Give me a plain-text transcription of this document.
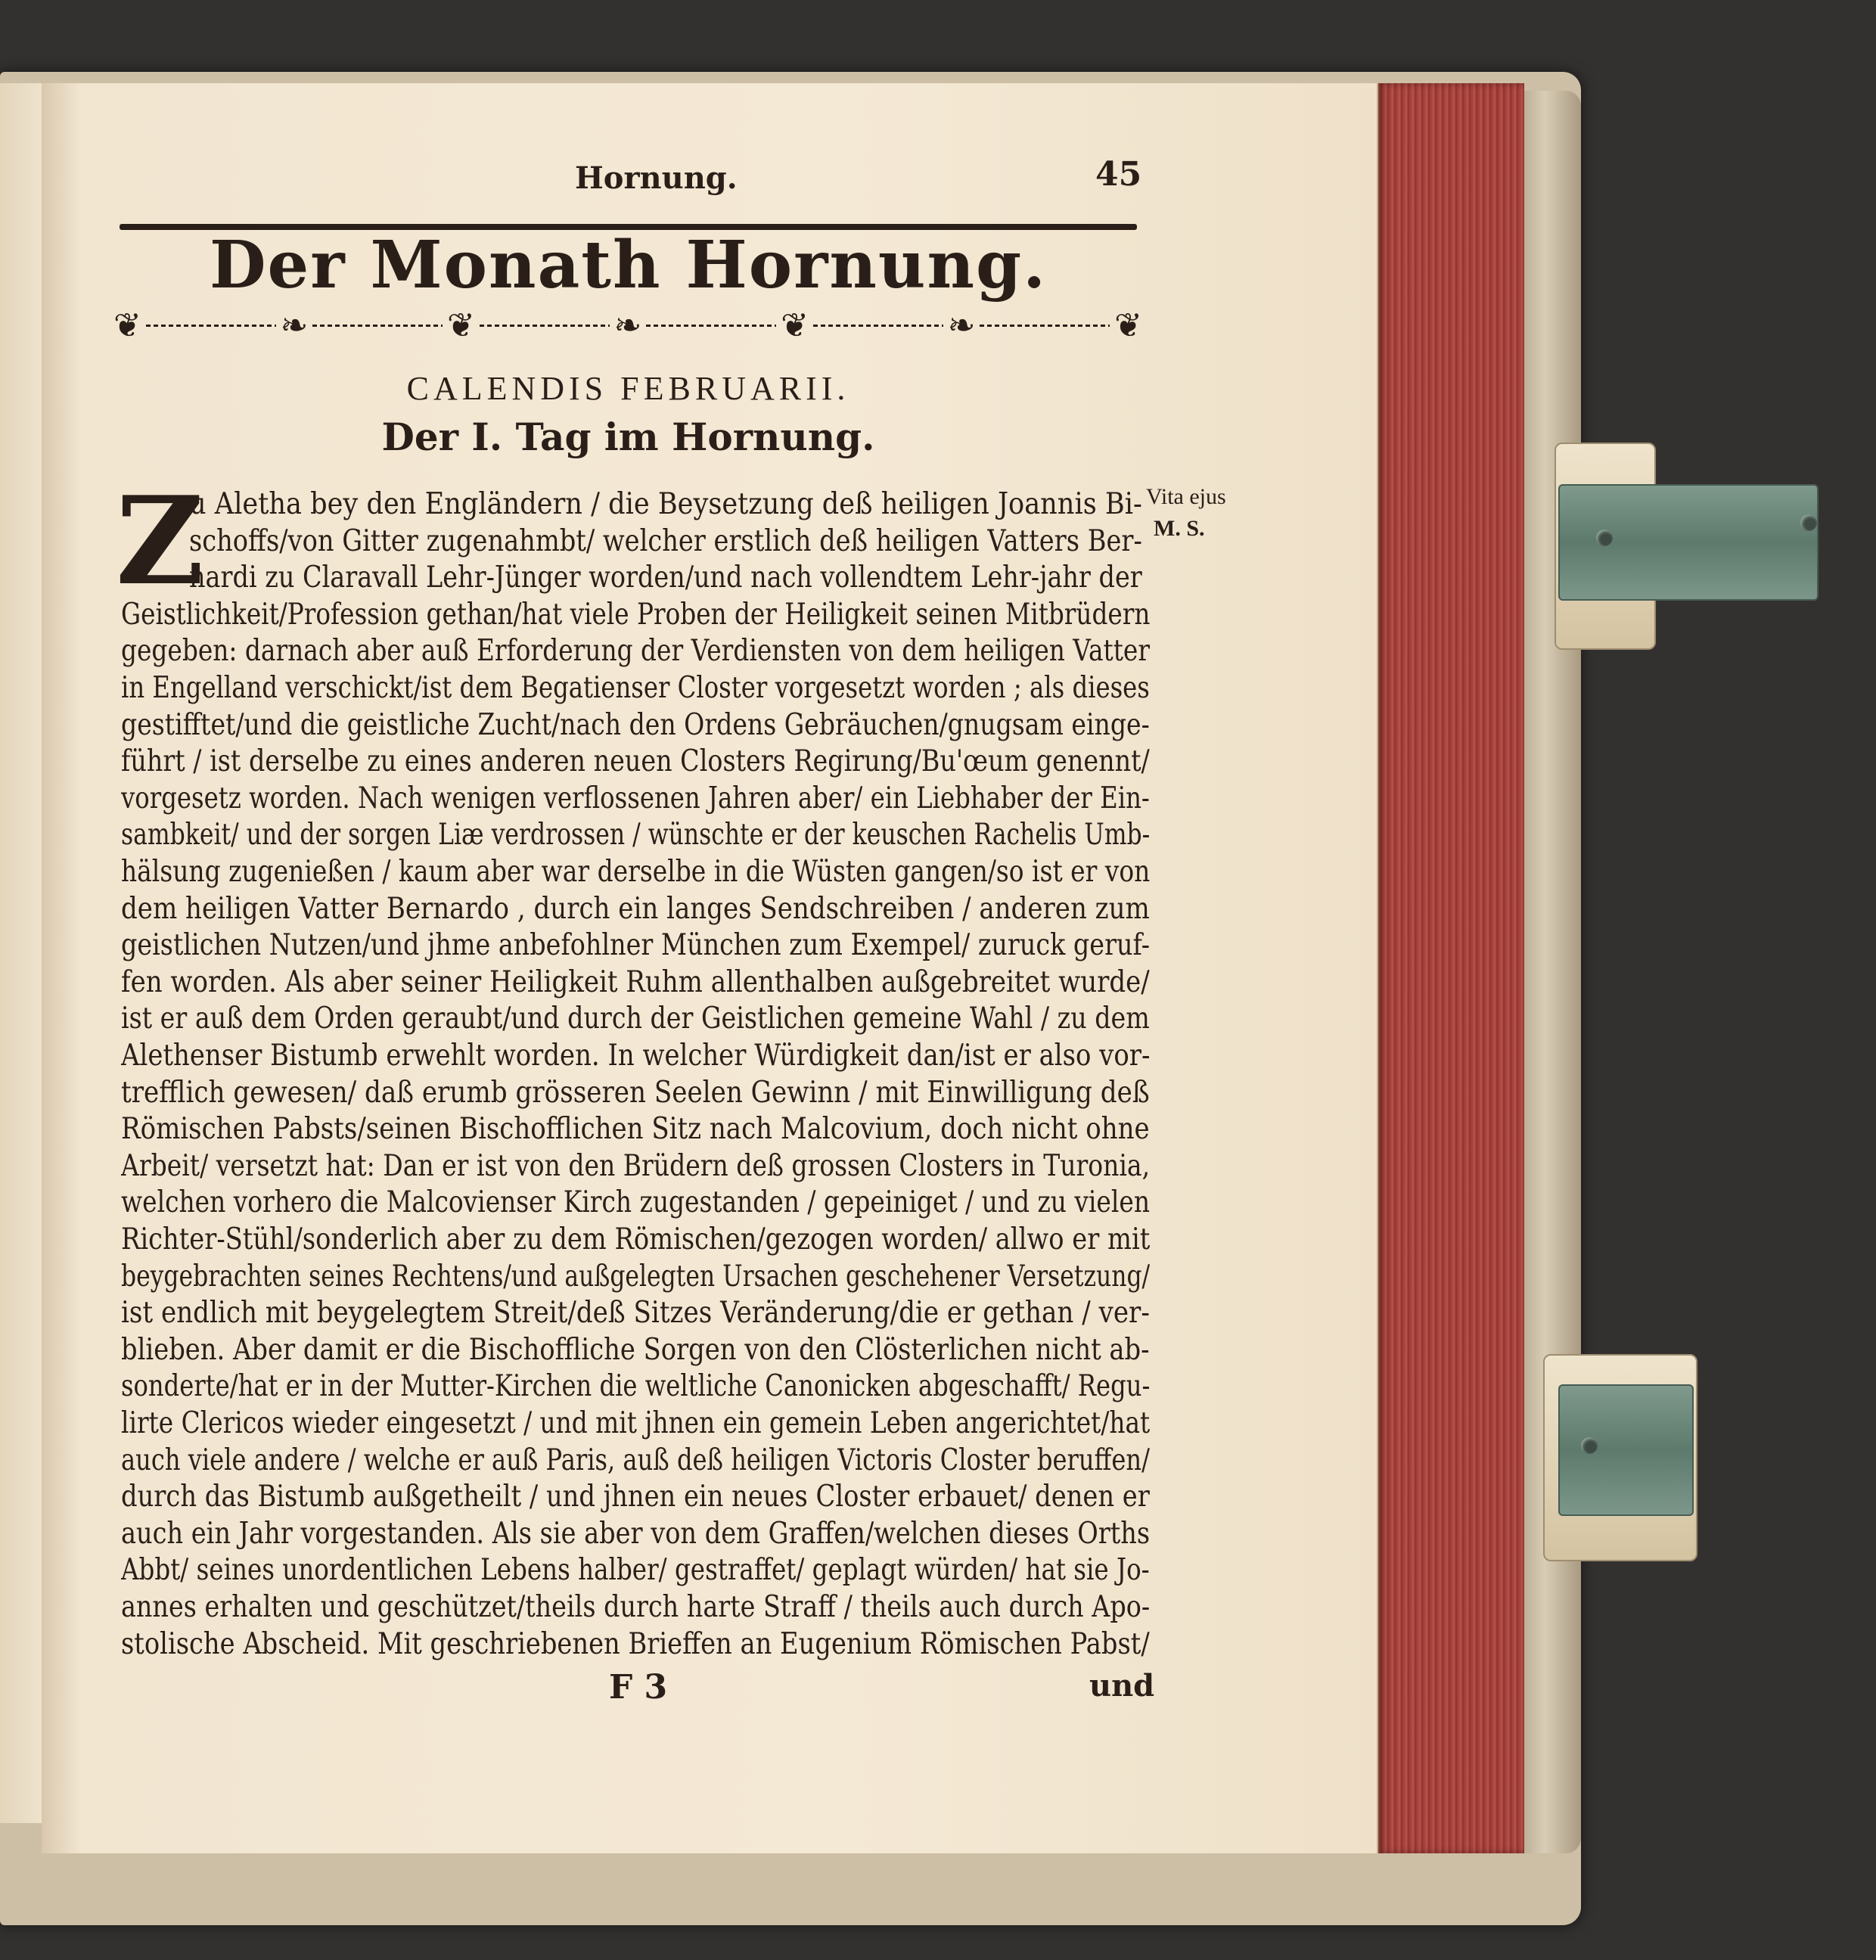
Hornung.	45
Der Monath Hornung.
❦	❧	❦	❧	❦	❧	❦
CALENDIS FEBRUARII.
Der I. Tag im Hornung.
Z	Vita ejus
M. S.
u Aletha bey den Engländern / die Beysetzung deß heiligen Joannis Bi-
schoffs/von Gitter zugenahmbt/ welcher erstlich deß heiligen Vatters Ber-
nardi zu Claravall Lehr-Jünger worden/und nach vollendtem Lehr-jahr der
Geistlichkeit/Profession gethan/hat viele Proben der Heiligkeit seinen Mitbrüdern
gegeben: darnach aber auß Erforderung der Verdiensten von dem heiligen Vatter
in Engelland verschickt/ist dem Begatienser Closter vorgesetzt worden ; als dieses
gestifftet/und die geistliche Zucht/nach den Ordens Gebräuchen/gnugsam einge-
führt / ist derselbe zu eines anderen neuen Closters Regirung/Bu'œum genennt/
vorgesetz worden. Nach wenigen verflossenen Jahren aber/ ein Liebhaber der Ein-
sambkeit/ und der sorgen Liæ verdrossen / wünschte er der keuschen Rachelis Umb-
hälsung zugenießen / kaum aber war derselbe in die Wüsten gangen/so ist er von
dem heiligen Vatter Bernardo , durch ein langes Sendschreiben / anderen zum
geistlichen Nutzen/und jhme anbefohlner München zum Exempel/ zuruck geruf-
fen worden. Als aber seiner Heiligkeit Ruhm allenthalben außgebreitet wurde/
ist er auß dem Orden geraubt/und durch der Geistlichen gemeine Wahl / zu dem
Alethenser Bistumb erwehlt worden. In welcher Würdigkeit dan/ist er also vor-
trefflich gewesen/ daß erumb grösseren Seelen Gewinn / mit Einwilligung deß
Römischen Pabsts/seinen Bischofflichen Sitz nach Malcovium, doch nicht ohne
Arbeit/ versetzt hat: Dan er ist von den Brüdern deß grossen Closters in Turonia,
welchen vorhero die Malcovienser Kirch zugestanden / gepeiniget / und zu vielen
Richter-Stühl/sonderlich aber zu dem Römischen/gezogen worden/ allwo er mit
beygebrachten seines Rechtens/und außgelegten Ursachen geschehener Versetzung/
ist endlich mit beygelegtem Streit/deß Sitzes Veränderung/die er gethan / ver-
blieben. Aber damit er die Bischoffliche Sorgen von den Clösterlichen nicht ab-
sonderte/hat er in der Mutter-Kirchen die weltliche Canonicken abgeschafft/ Regu-
lirte Clericos wieder eingesetzt / und mit jhnen ein gemein Leben angerichtet/hat
auch viele andere / welche er auß Paris, auß deß heiligen Victoris Closter beruffen/
durch das Bistumb außgetheilt / und jhnen ein neues Closter erbauet/ denen er
auch ein Jahr vorgestanden. Als sie aber von dem Graffen/welchen dieses Orths
Abbt/ seines unordentlichen Lebens halber/ gestraffet/ geplagt würden/ hat sie Jo-
annes erhalten und geschützet/theils durch harte Straff / theils auch durch Apo-
stolische Abscheid. Mit geschriebenen Brieffen an Eugenium Römischen Pabst/
F 3	und
